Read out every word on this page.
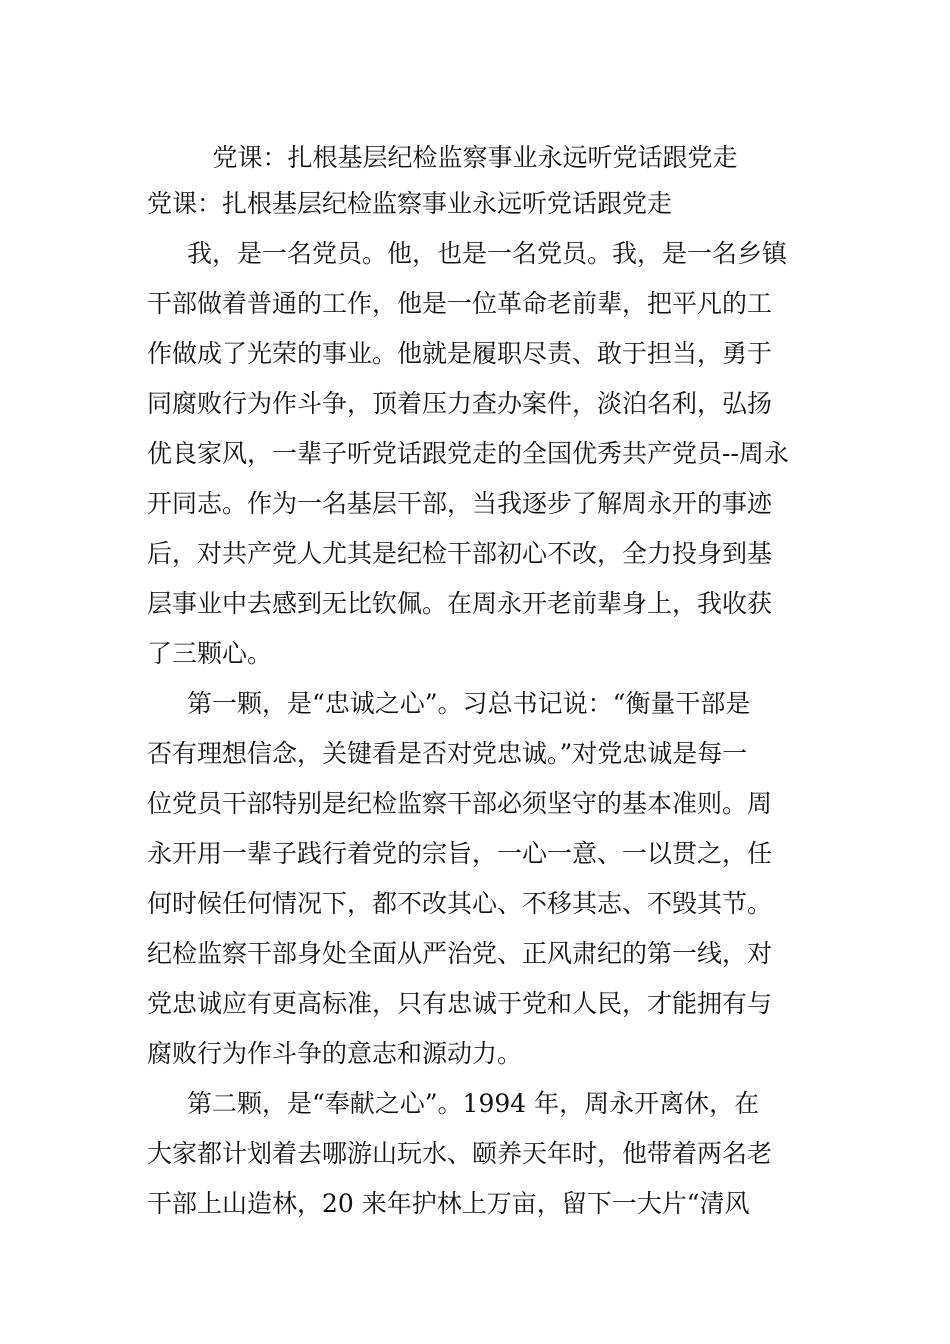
党课：扎根基层纪检监察事业永远听党话跟党走
党课：扎根基层纪检监察事业永远听党话跟党走
我，是一名党员。他，也是一名党员。我，是一名乡镇
干部做着普通的工作，他是一位革命老前辈，把平凡的工
作做成了光荣的事业。他就是履职尽责、敢于担当，勇于
同腐败行为作斗争，顶着压力查办案件，淡泊名利，弘扬
优良家风，一辈子听党话跟党走的全国优秀共产党员--周永
开同志。作为一名基层干部，当我逐步了解周永开的事迹
后，对共产党人尤其是纪检干部初心不改，全力投身到基
层事业中去感到无比钦佩。在周永开老前辈身上，我收获
了三颗心。
第一颗，是“忠诚之心”。习总书记说：“衡量干部是
否有理想信念，关键看是否对党忠诚。”对党忠诚是每一
位党员干部特别是纪检监察干部必须坚守的基本准则。周
永开用一辈子践行着党的宗旨，一心一意、一以贯之，任
何时候任何情况下，都不改其心、不移其志、不毁其节。
纪检监察干部身处全面从严治党、正风肃纪的第一线，对
党忠诚应有更高标准，只有忠诚于党和人民，才能拥有与
腐败行为作斗争的意志和源动力。
第二颗，是“奉献之心”。1994 年，周永开离休，在
大家都计划着去哪游山玩水、颐养天年时，他带着两名老
干部上山造林，20 来年护林上万亩，留下一大片“清风
